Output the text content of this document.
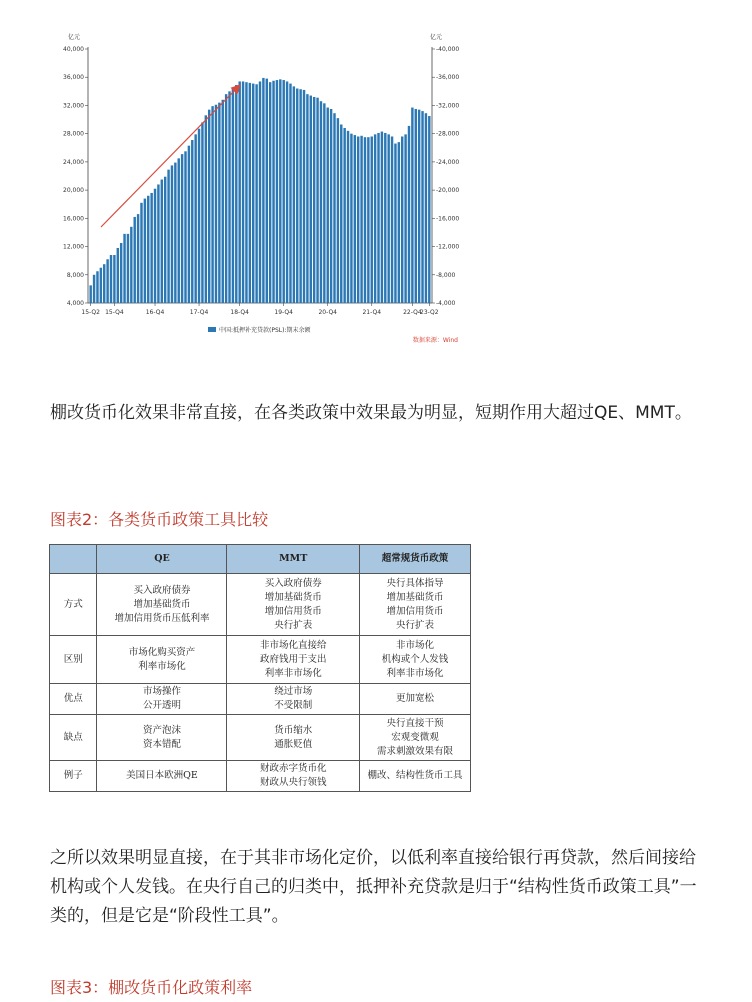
亿元	亿元
4,000	-4,000
8,000	-8,000
12,000	-12,000
16,000	-16,000
20,000	-20,000
24,000	-24,000
28,000	-28,000
32,000	-32,000
36,000	-36,000
40,000	-40,000
15-Q2 15-Q4	16-Q4	17-Q4	18-Q4	19-Q4	20-Q4	21-Q4	22-Q4
23-Q2
中国:抵押补充贷款(PSL):期末余额
数据来源：Wind

棚改货币化效果非常直接，在各类政策中效果最为明显，短期作用大超过QE、MMT。

图表2：各类货币政策工具比较

	QE	MMT	超常规货币政策
方式	买入政府债券
增加基础货币
增加信用货币压低利率	买入政府债券
增加基础货币
增加信用货币
央行扩表	央行具体指导
增加基础货币
增加信用货币
央行扩表

区别	市场化购买资产
利率市场化	非市场化直接给
政府钱用于支出
利率非市场化	非市场化
机构或个人发钱
利率非市场化

优点	市场操作
公开透明	绕过市场
不受限制	更加宽松

缺点	资产泡沫
资本错配	货币缩水
通胀贬值	央行直接干预
宏观变微观
需求刺激效果有限

例子	美国日本欧洲QE	财政赤字货币化
财政从央行领钱	棚改、结构性货币工具

之所以效果明显直接，在于其非市场化定价，以低利率直接给银行再贷款，然后间接给机构或个人发钱。在央行自己的归类中，抵押补充贷款是归于“结构性货币政策工具”一类的，但是它是“阶段性工具”。

图表3：棚改货币化政策利率
